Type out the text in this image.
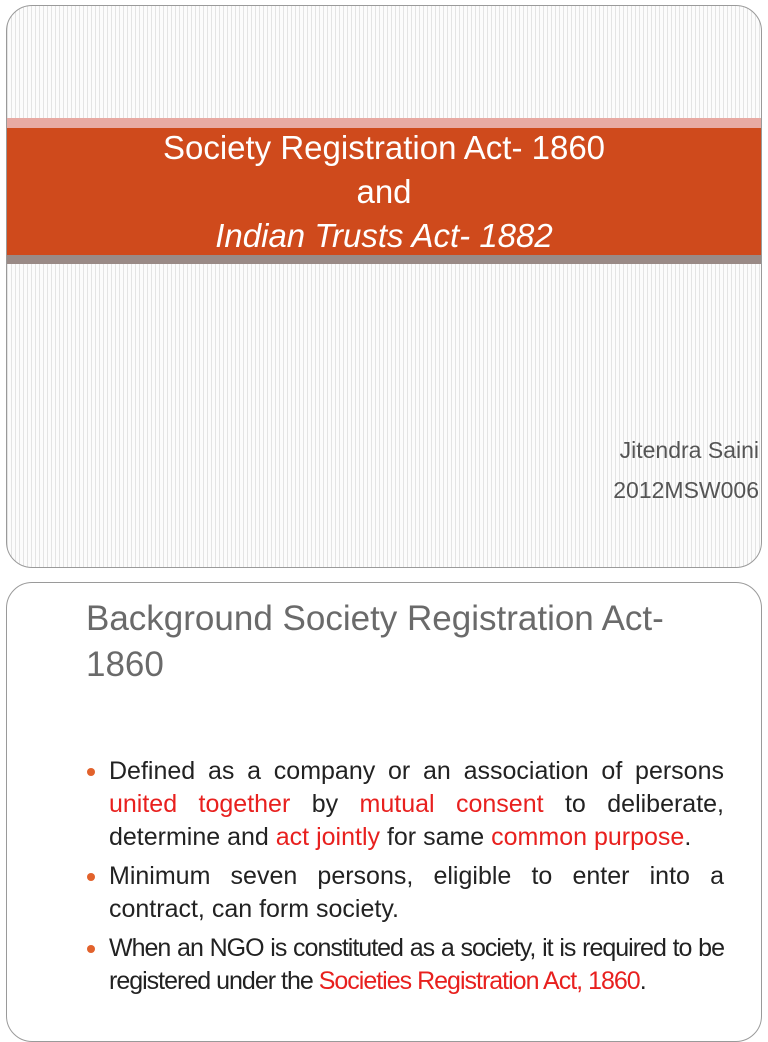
Society Registration Act- 1860
and
Indian Trusts Act- 1882
Jitendra Saini
2012MSW006
Background Society Registration Act-1860
Defined as a company or an association of persons united together by mutual consent to deliberate, determine and act jointly for same common purpose.
Minimum seven persons, eligible to enter into a contract, can form society.
When an NGO is constituted as a society, it is required to be registered under the Societies Registration Act, 1860.
